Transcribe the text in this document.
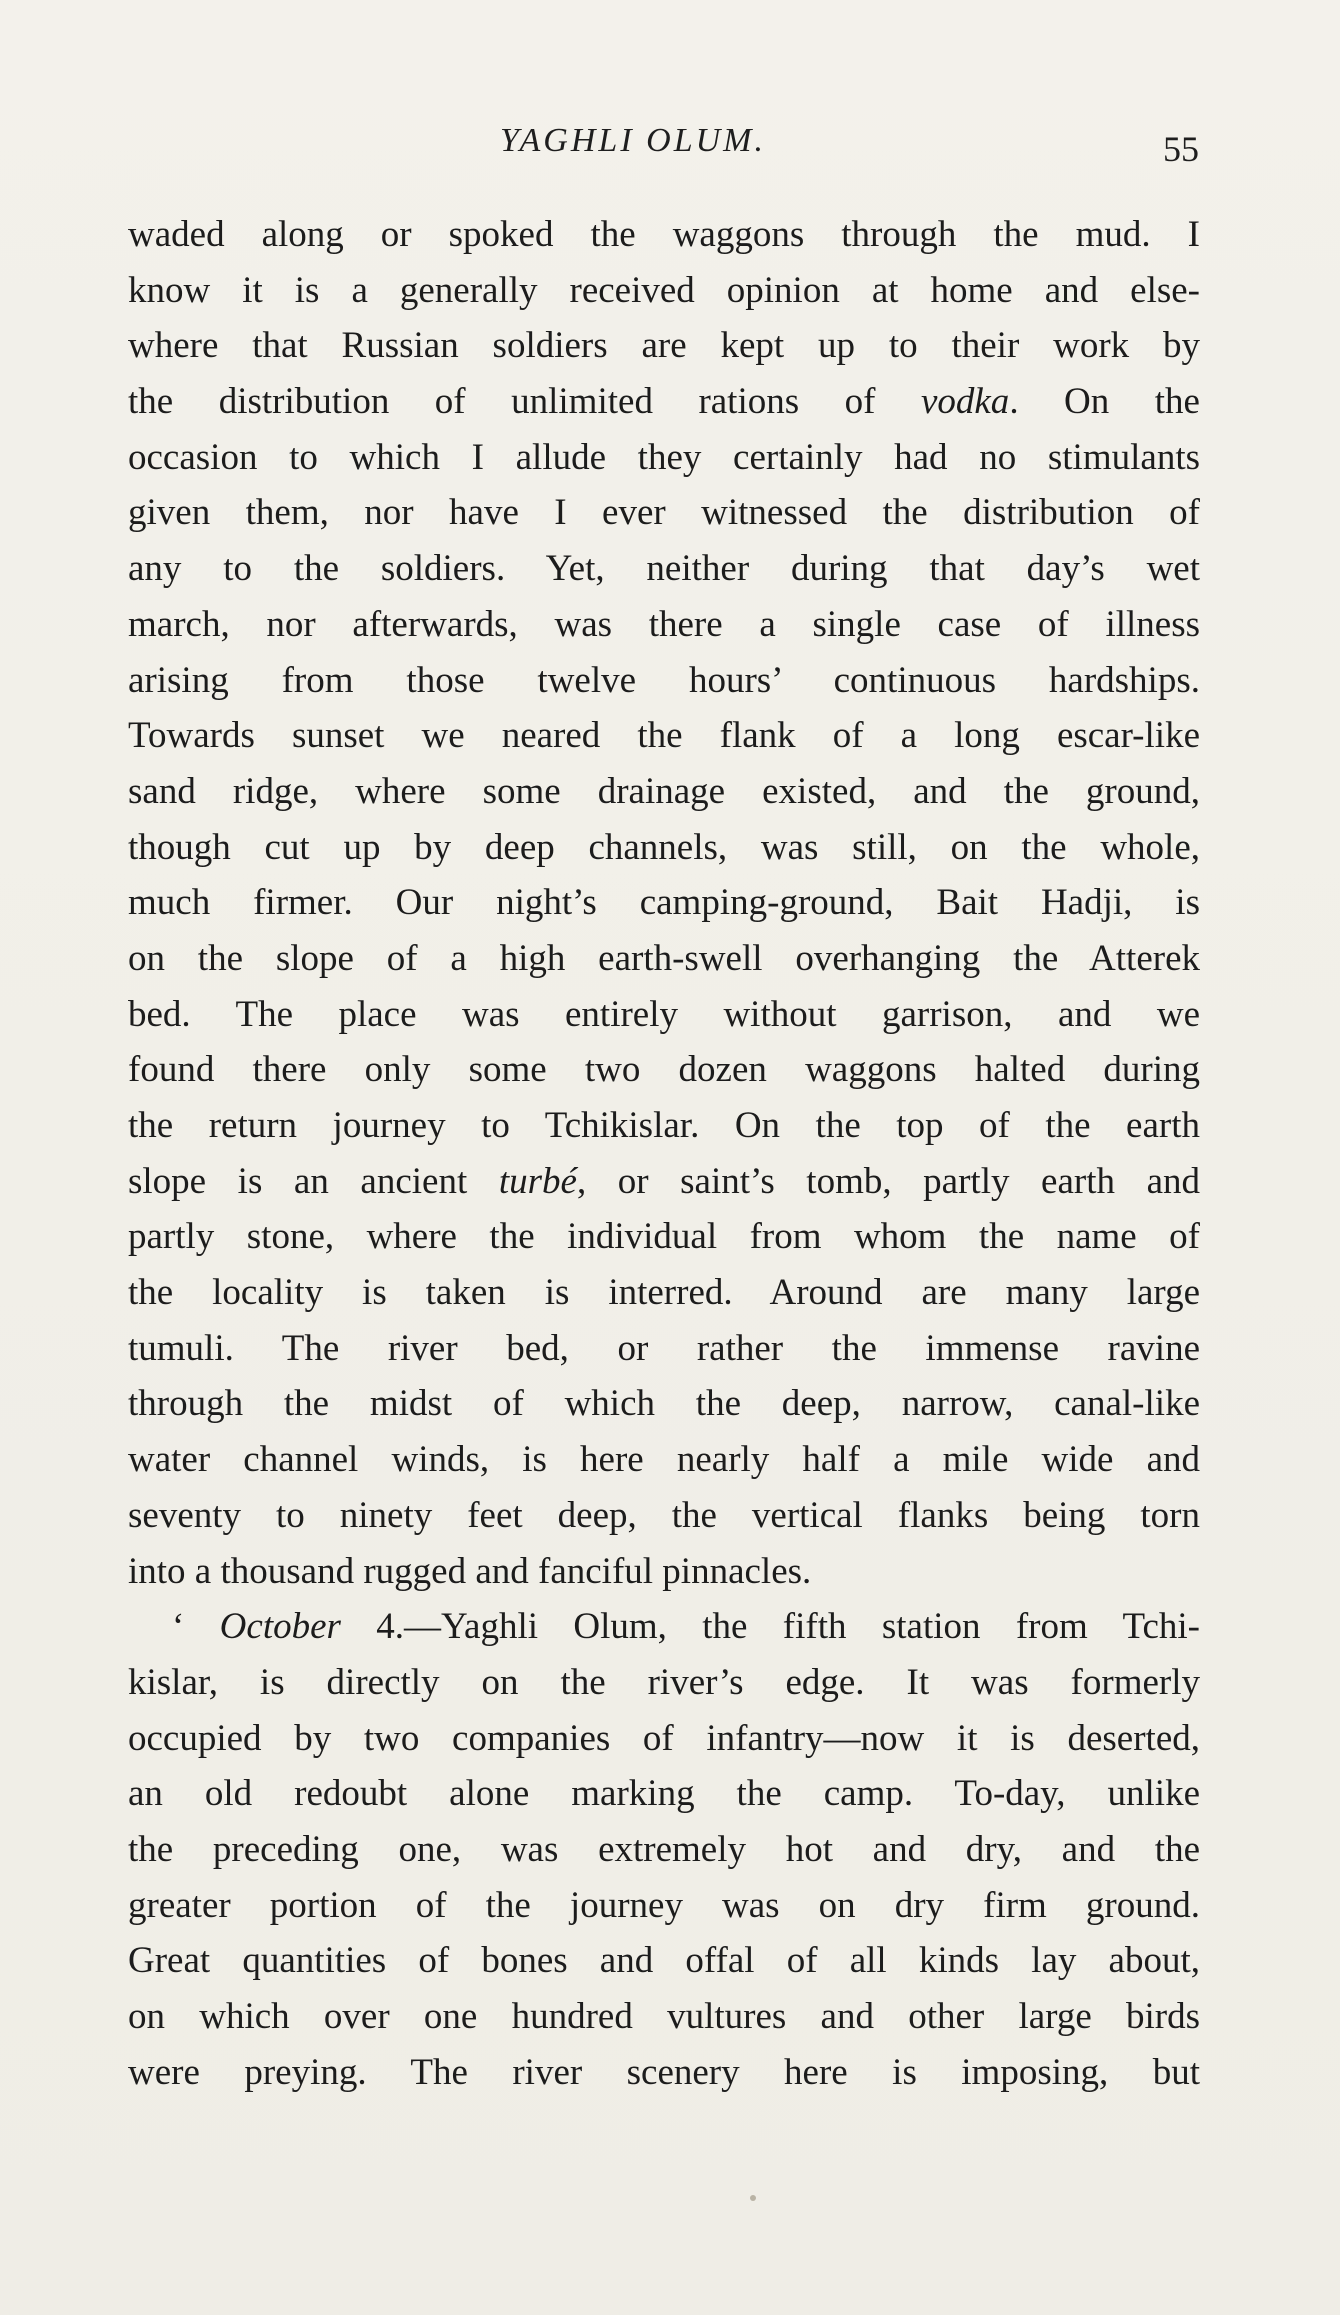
YAGHLI OLUM.	55
waded along or spoked the waggons through the mud. I
know it is a generally received opinion at home and else-
where that Russian soldiers are kept up to their work by
the distribution of unlimited rations of vodka. On the
occasion to which I allude they certainly had no stimulants
given them, nor have I ever witnessed the distribution of
any to the soldiers. Yet, neither during that day’s wet
march, nor afterwards, was there a single case of illness
arising from those twelve hours’ continuous hardships.
Towards sunset we neared the flank of a long escar-like
sand ridge, where some drainage existed, and the ground,
though cut up by deep channels, was still, on the whole,
much firmer. Our night’s camping-ground, Bait Hadji, is
on the slope of a high earth-swell overhanging the Atterek
bed. The place was entirely without garrison, and we
found there only some two dozen waggons halted during
the return journey to Tchikislar. On the top of the earth
slope is an ancient turbé, or saint’s tomb, partly earth and
partly stone, where the individual from whom the name of
the locality is taken is interred. Around are many large
tumuli. The river bed, or rather the immense ravine
through the midst of which the deep, narrow, canal-like
water channel winds, is here nearly half a mile wide and
seventy to ninety feet deep, the vertical flanks being torn
into a thousand rugged and fanciful pinnacles.
‘ October 4.—Yaghli Olum, the fifth station from Tchi-
kislar, is directly on the river’s edge. It was formerly
occupied by two companies of infantry—now it is deserted,
an old redoubt alone marking the camp. To-day, unlike
the preceding one, was extremely hot and dry, and the
greater portion of the journey was on dry firm ground.
Great quantities of bones and offal of all kinds lay about,
on which over one hundred vultures and other large birds
were preying. The river scenery here is imposing, but
